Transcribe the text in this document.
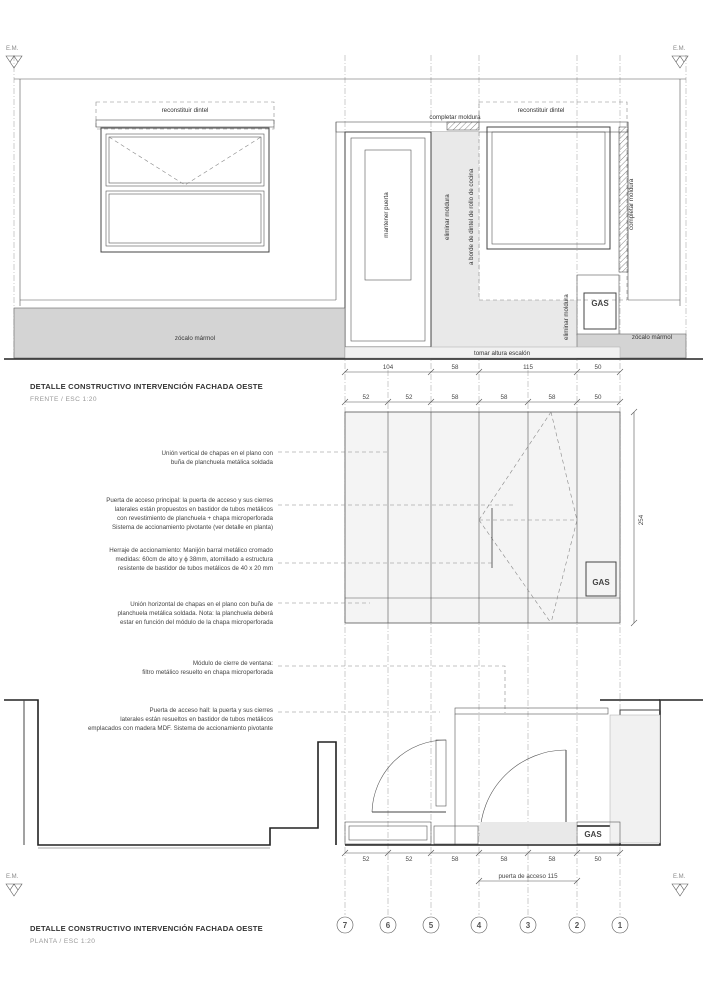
E.M.	E.M.
E.M.	E.M.
reconstituir dintel
completar moldura
mantener puerta	eliminar moldura	a borde de dintel de rollo de cocina
reconstituir dintel
completar moldura
GAS
eliminar moldura
zócalo mármol	zócalo mármol
tomar altura escalón
104	58	115	50
DETALLE CONSTRUCTIVO INTERVENCIÓN FACHADA OESTE
FRENTE / ESC 1:20	52	52	58	58	58	50
GAS
254
Unión vertical de chapas en el plano con
buña de planchuela metálica soldada
Puerta de acceso principal: la puerta de acceso y sus cierres
laterales están propuestos en bastidor de tubos metálicos
con revestimiento de planchuela + chapa microperforada
Sistema de accionamiento pivotante (ver detalle en planta)
Herraje de accionamiento: Manijón barral metálico cromado
medidas: 60cm de alto y ϕ 38mm, atornillado a estructura
resistente de bastidor de tubos metálicos de 40 x 20 mm
Unión horizontal de chapas en el plano con buña de
planchuela metálica soldada. Nota: la planchuela deberá
estar en función del módulo de la chapa microperforada
Módulo de cierre de ventana:
filtro metálico resuelto en chapa microperforada
Puerta de acceso hall: la puerta y sus cierres
laterales están resueltos en bastidor de tubos metálicos
emplacados con madera MDF. Sistema de accionamiento pivotante
GAS
52	52	58	58	58	50
puerta de acceso 115
7	6	5	4	3	2	1
DETALLE CONSTRUCTIVO INTERVENCIÓN FACHADA OESTE
PLANTA / ESC 1:20
